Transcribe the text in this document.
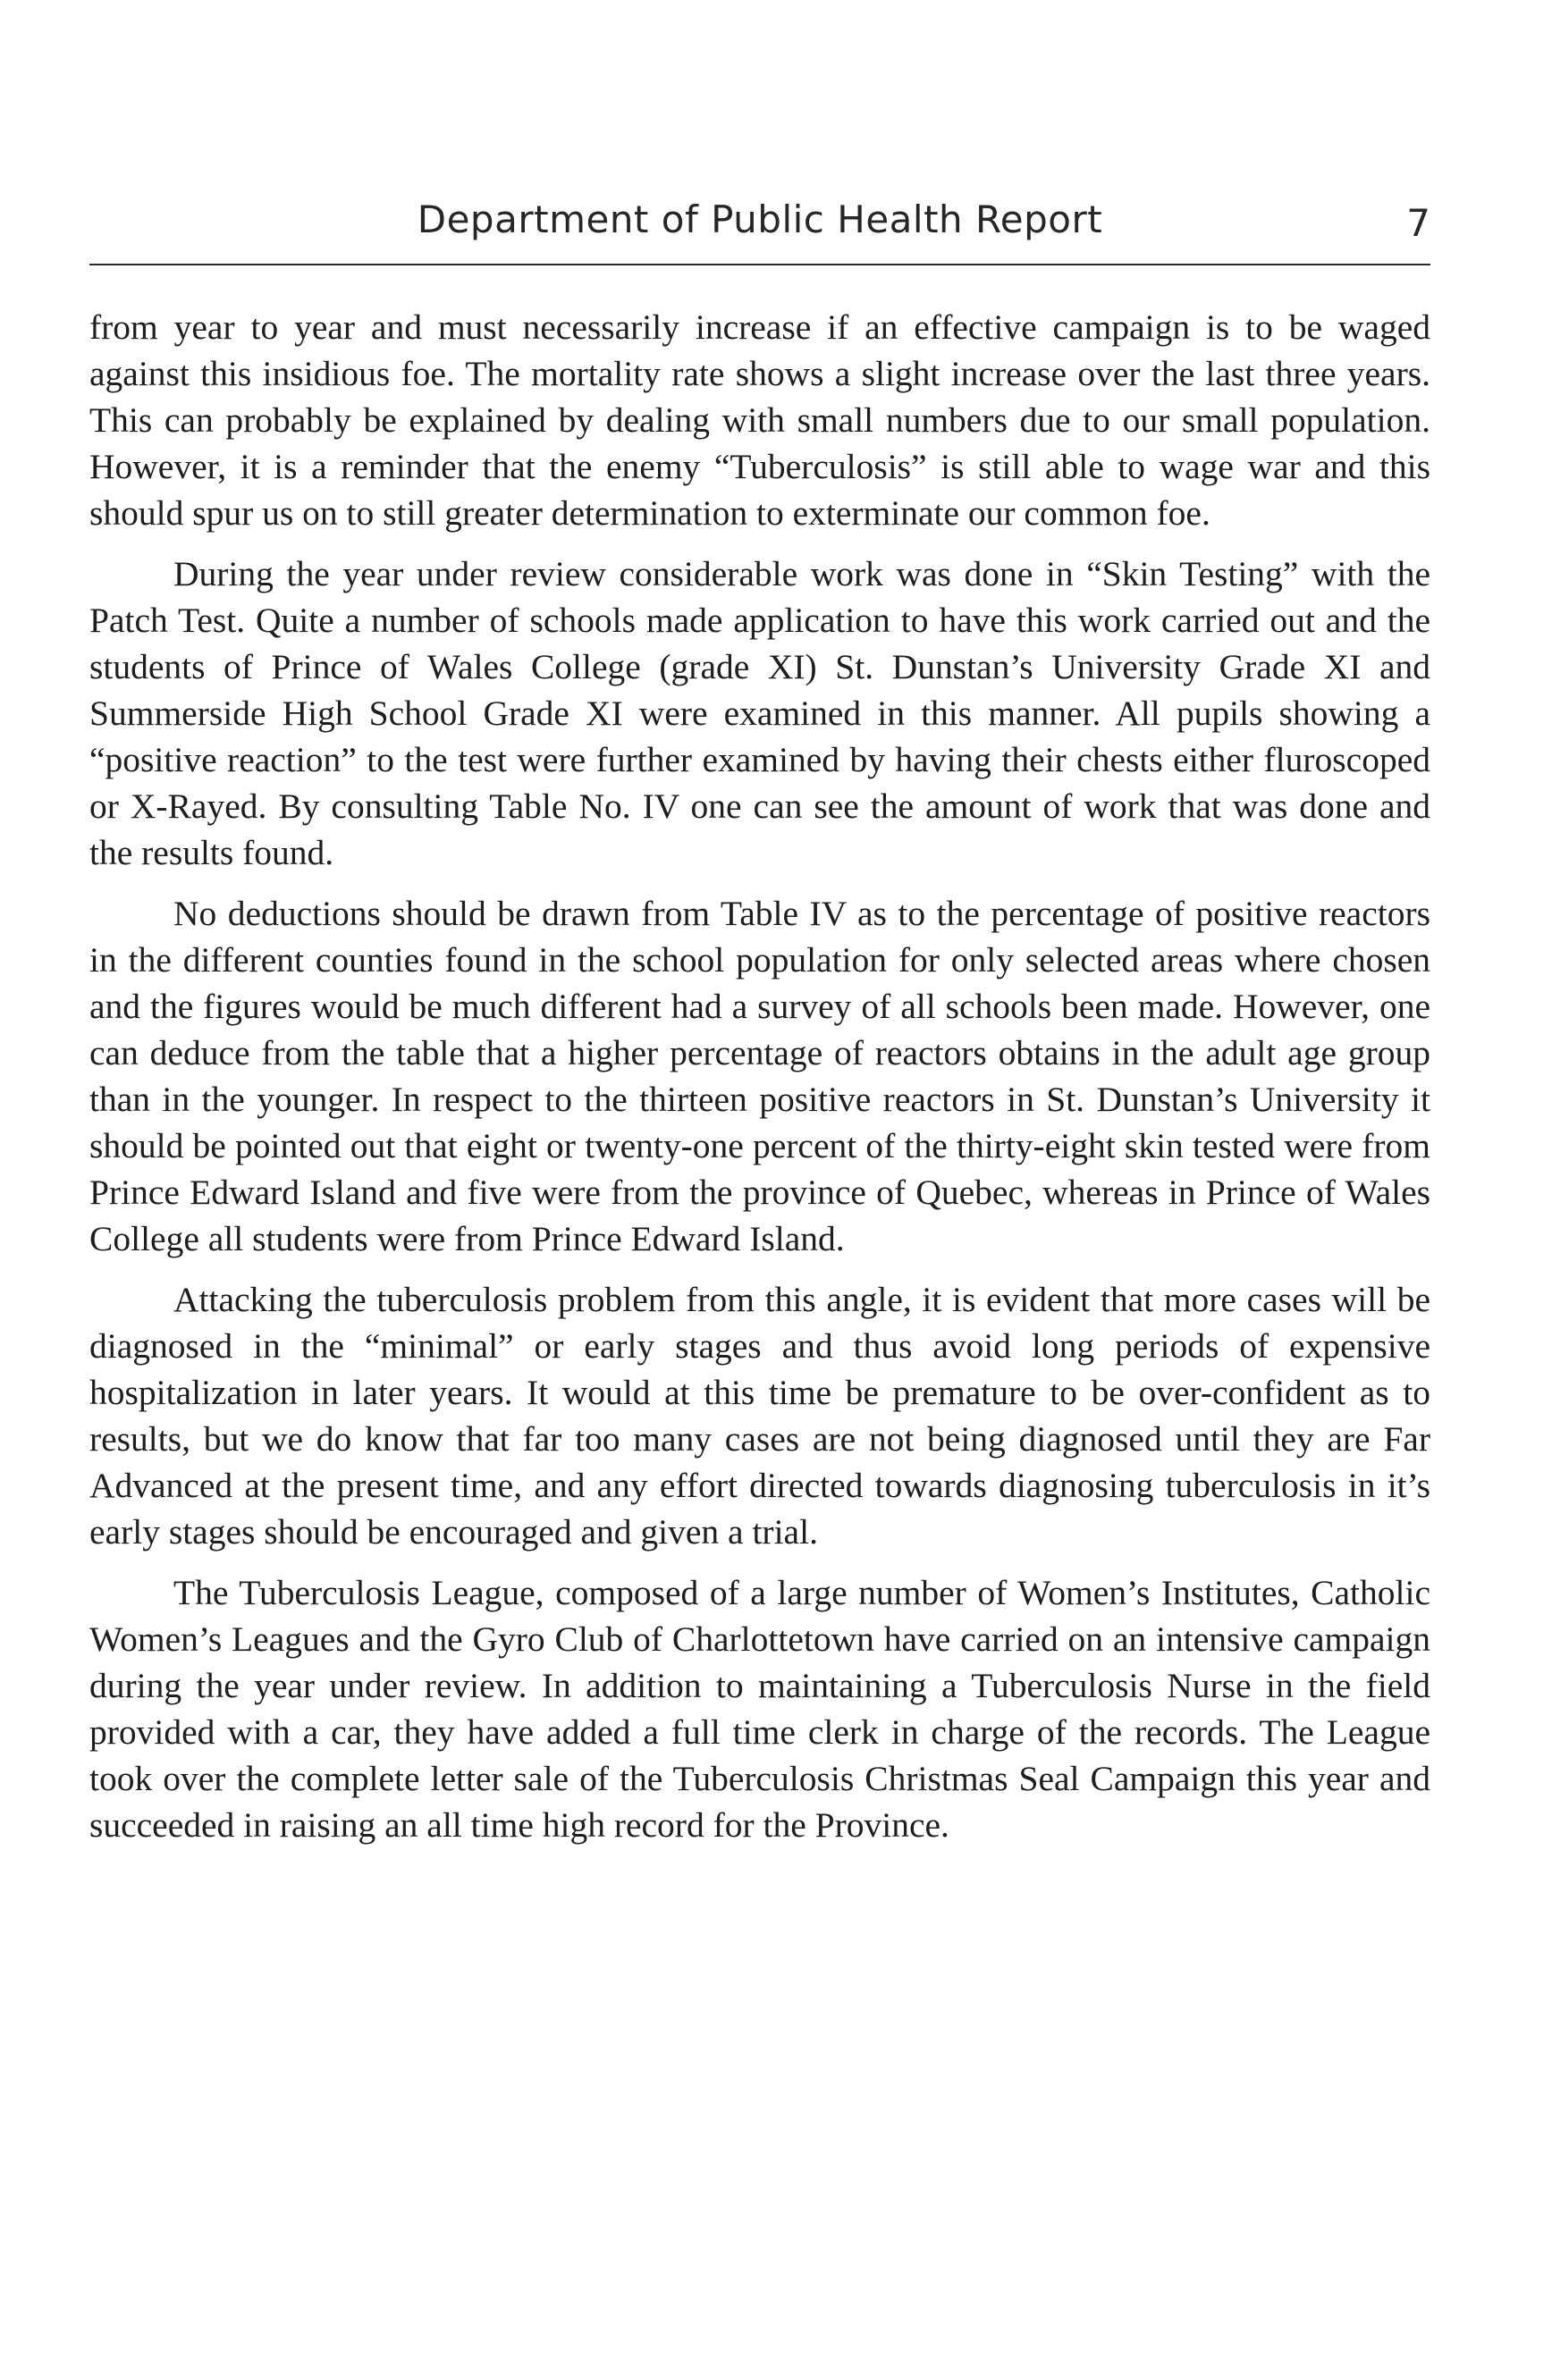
Department of Public Health Report	7

from year to year and must necessarily increase if an effective campaign is to be waged against this insidious foe. The mortality rate shows a slight increase over the last three years. This can probably be explained by dealing with small numbers due to our small population. However, it is a reminder that the enemy “Tuberculosis” is still able to wage war and this should spur us on to still greater determination to exterminate our common foe.

During the year under review considerable work was done in “Skin Testing” with the Patch Test. Quite a number of schools made application to have this work carried out and the students of Prince of Wales College (grade XI) St. Dunstan’s University Grade XI and Summerside High School Grade XI were examined in this manner. All pupils showing a “positive reaction” to the test were further examined by having their chests either fluroscoped or X-Rayed. By consulting Table No. IV one can see the amount of work that was done and the results found.

No deductions should be drawn from Table IV as to the percentage of positive reactors in the different counties found in the school population for only selected areas where chosen and the figures would be much different had a survey of all schools been made. However, one can deduce from the table that a higher percentage of reactors obtains in the adult age group than in the younger. In respect to the thirteen positive reactors in St. Dunstan’s University it should be pointed out that eight or twenty-one percent of the thirty-eight skin tested were from Prince Edward Island and five were from the province of Quebec, whereas in Prince of Wales College all students were from Prince Edward Island.

Attacking the tuberculosis problem from this angle, it is evident that more cases will be diagnosed in the “minimal” or early stages and thus avoid long periods of expensive hospitalization in later years. It would at this time be premature to be over-confident as to results, but we do know that far too many cases are not being diagnosed until they are Far Advanced at the present time, and any effort directed towards diagnosing tuberculosis in it’s early stages should be encouraged and given a trial.

The Tuberculosis League, composed of a large number of Women’s Institutes, Catholic Women’s Leagues and the Gyro Club of Charlottetown have carried on an intensive campaign during the year under review. In addition to maintaining a Tuberculosis Nurse in the field provided with a car, they have added a full time clerk in charge of the records. The League took over the complete letter sale of the Tuberculosis Christmas Seal Campaign this year and succeeded in raising an all time high record for the Province.
